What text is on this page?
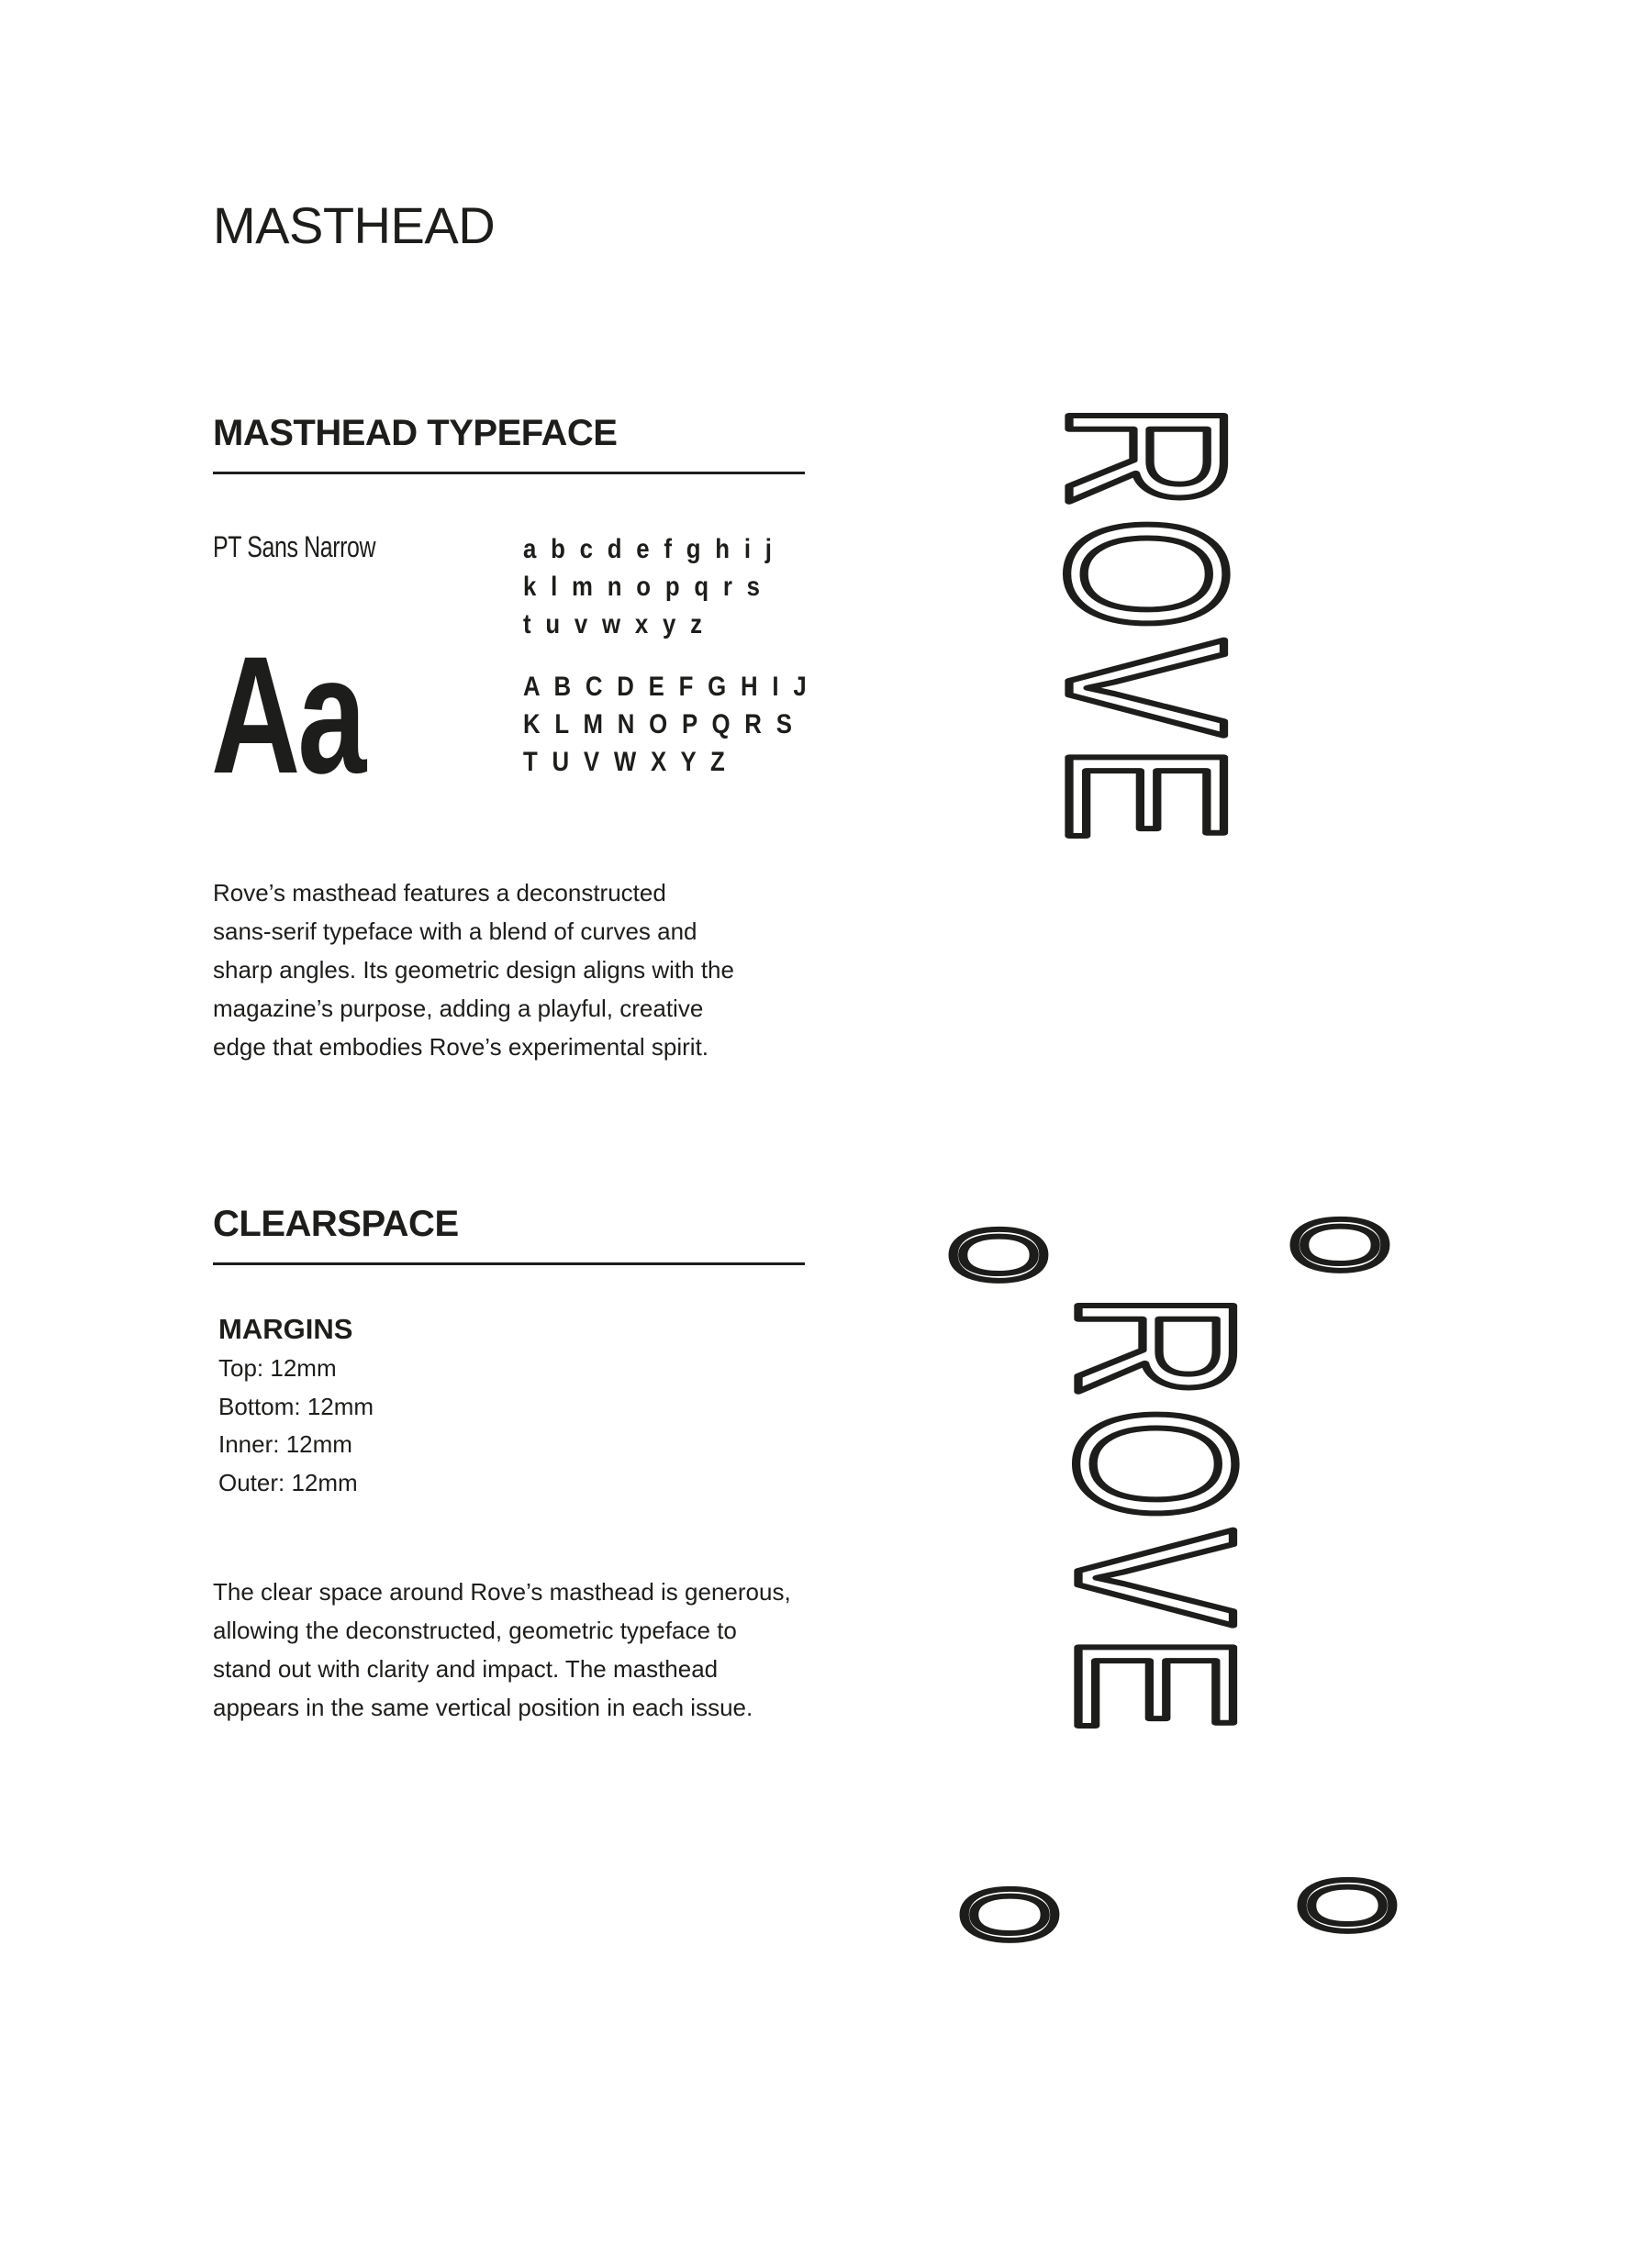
MASTHEAD
MASTHEAD TYPEFACE
PT Sans Narrow
Aa
a b c d e f g h i j
k l m n o p q r s
t u v w x y z
A B C D E F G H I J
K L M N O P Q R S
T U V W X Y Z
Rove’s masthead features a deconstructed
sans-serif typeface with a blend of curves and
sharp angles. Its geometric design aligns with the
magazine’s purpose, adding a playful, creative
edge that embodies Rove’s experimental spirit.
CLEARSPACE
MARGINS
Top: 12mm
Bottom: 12mm
Inner: 12mm
Outer: 12mm
The clear space around Rove’s masthead is generous,
allowing the deconstructed, geometric typeface to
stand out with clarity and impact. The masthead
appears in the same vertical position in each issue.
ROVE
ROVE
O	O
O	O
